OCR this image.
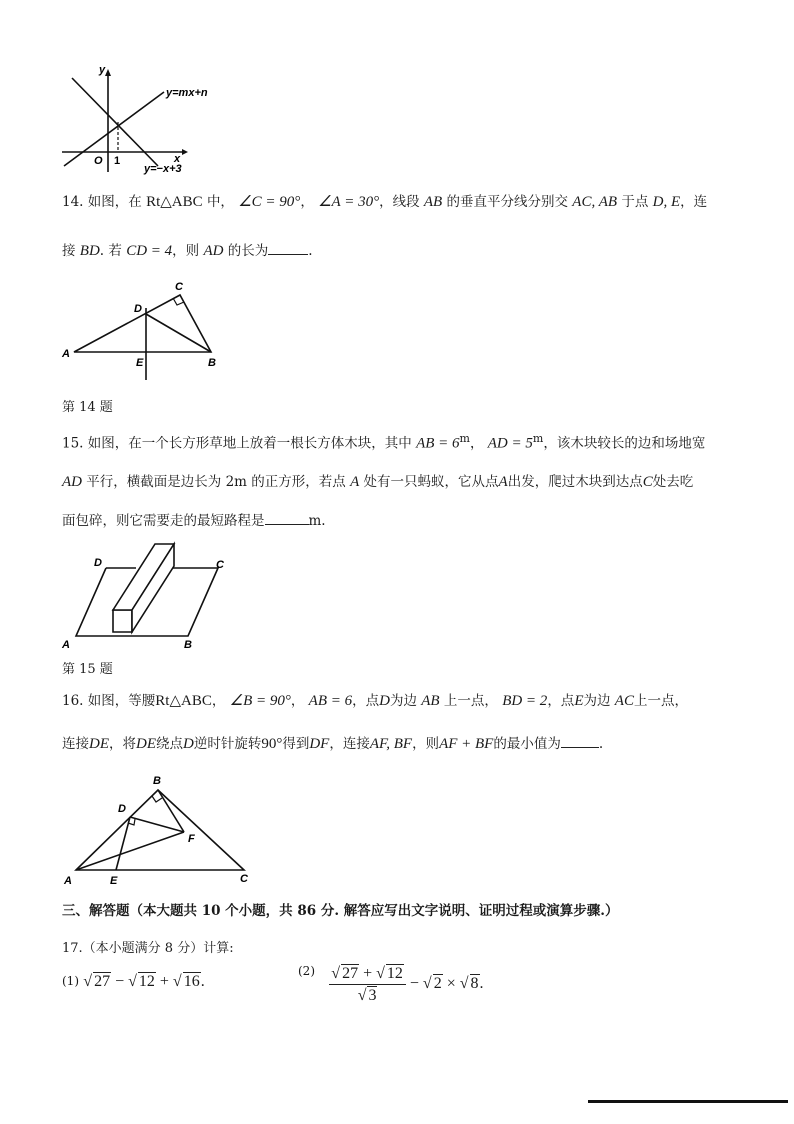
y
x
O 1
y=mx+n
y=−x+3
14. 如图，在 Rt△ABC 中， ∠C = 90°， ∠A = 30°，线段 AB 的垂直平分线分别交 AC, AB 于点 D, E，连
接 BD. 若 CD = 4，则 AD 的长为	.
A
B
C
D
E
第 14 题
15. 如图，在一个长方形草地上放着一根长方体木块，其中 AB = $6^m$， AD = $5^m$，该木块较长的边和场地宽
AD 平行，横截面是边长为 2m 的正方形，若点 A 处有一只蚂蚁，它从点A出发，爬过木块到达点C处去吃
面包碎，则它需要走的最短路程是	m.
A	B
C
D
第 15 题
16. 如图，等腰Rt△ABC， ∠B = 90°， AB = 6，点D为边 AB 上一点， BD = 2，点E为边 AC上一点，
连接DE，将DE绕点D逆时针旋转90°得到DF，连接AF, BF，则AF + BF的最小值为	.
A	C
B
D
E
F
三、解答题（本大题共 10 个小题，共 86 分. 解答应写出文字说明、证明过程或演算步骤.）
17.（本小题满分 8 分）计算:
(1) √ 27 − √ 12 + √ 16.
$(2) \frac{√ 27 + √ 12}{√ 3}$ − √ 2 × √ 8.
